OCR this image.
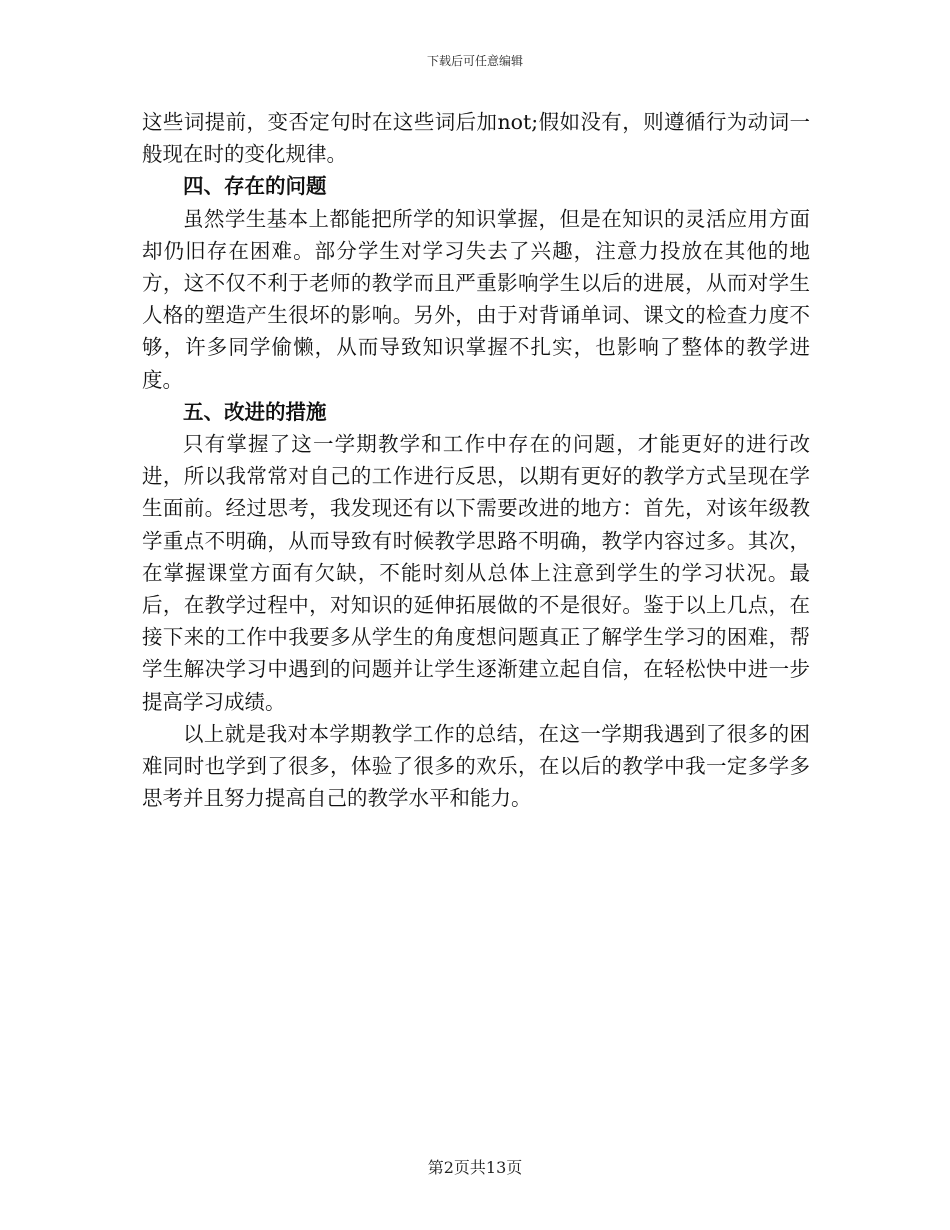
下载后可任意编辑

这些词提前，变否定句时在这些词后加not;假如没有，则遵循行为动词一般现在时的变化规律。

四、存在的问题

虽然学生基本上都能把所学的知识掌握，但是在知识的灵活应用方面却仍旧存在困难。部分学生对学习失去了兴趣，注意力投放在其他的地方，这不仅不利于老师的教学而且严重影响学生以后的进展，从而对学生人格的塑造产生很坏的影响。另外，由于对背诵单词、课文的检查力度不够，许多同学偷懒，从而导致知识掌握不扎实，也影响了整体的教学进度。

五、改进的措施

只有掌握了这一学期教学和工作中存在的问题，才能更好的进行改进，所以我常常对自己的工作进行反思，以期有更好的教学方式呈现在学生面前。经过思考，我发现还有以下需要改进的地方：首先，对该年级教学重点不明确，从而导致有时候教学思路不明确，教学内容过多。其次，在掌握课堂方面有欠缺，不能时刻从总体上注意到学生的学习状况。最后，在教学过程中，对知识的延伸拓展做的不是很好。鉴于以上几点，在接下来的工作中我要多从学生的角度想问题真正了解学生学习的困难，帮学生解决学习中遇到的问题并让学生逐渐建立起自信，在轻松快中进一步提高学习成绩。

以上就是我对本学期教学工作的总结，在这一学期我遇到了很多的困难同时也学到了很多，体验了很多的欢乐，在以后的教学中我一定多学多思考并且努力提高自己的教学水平和能力。

第2页共13页
